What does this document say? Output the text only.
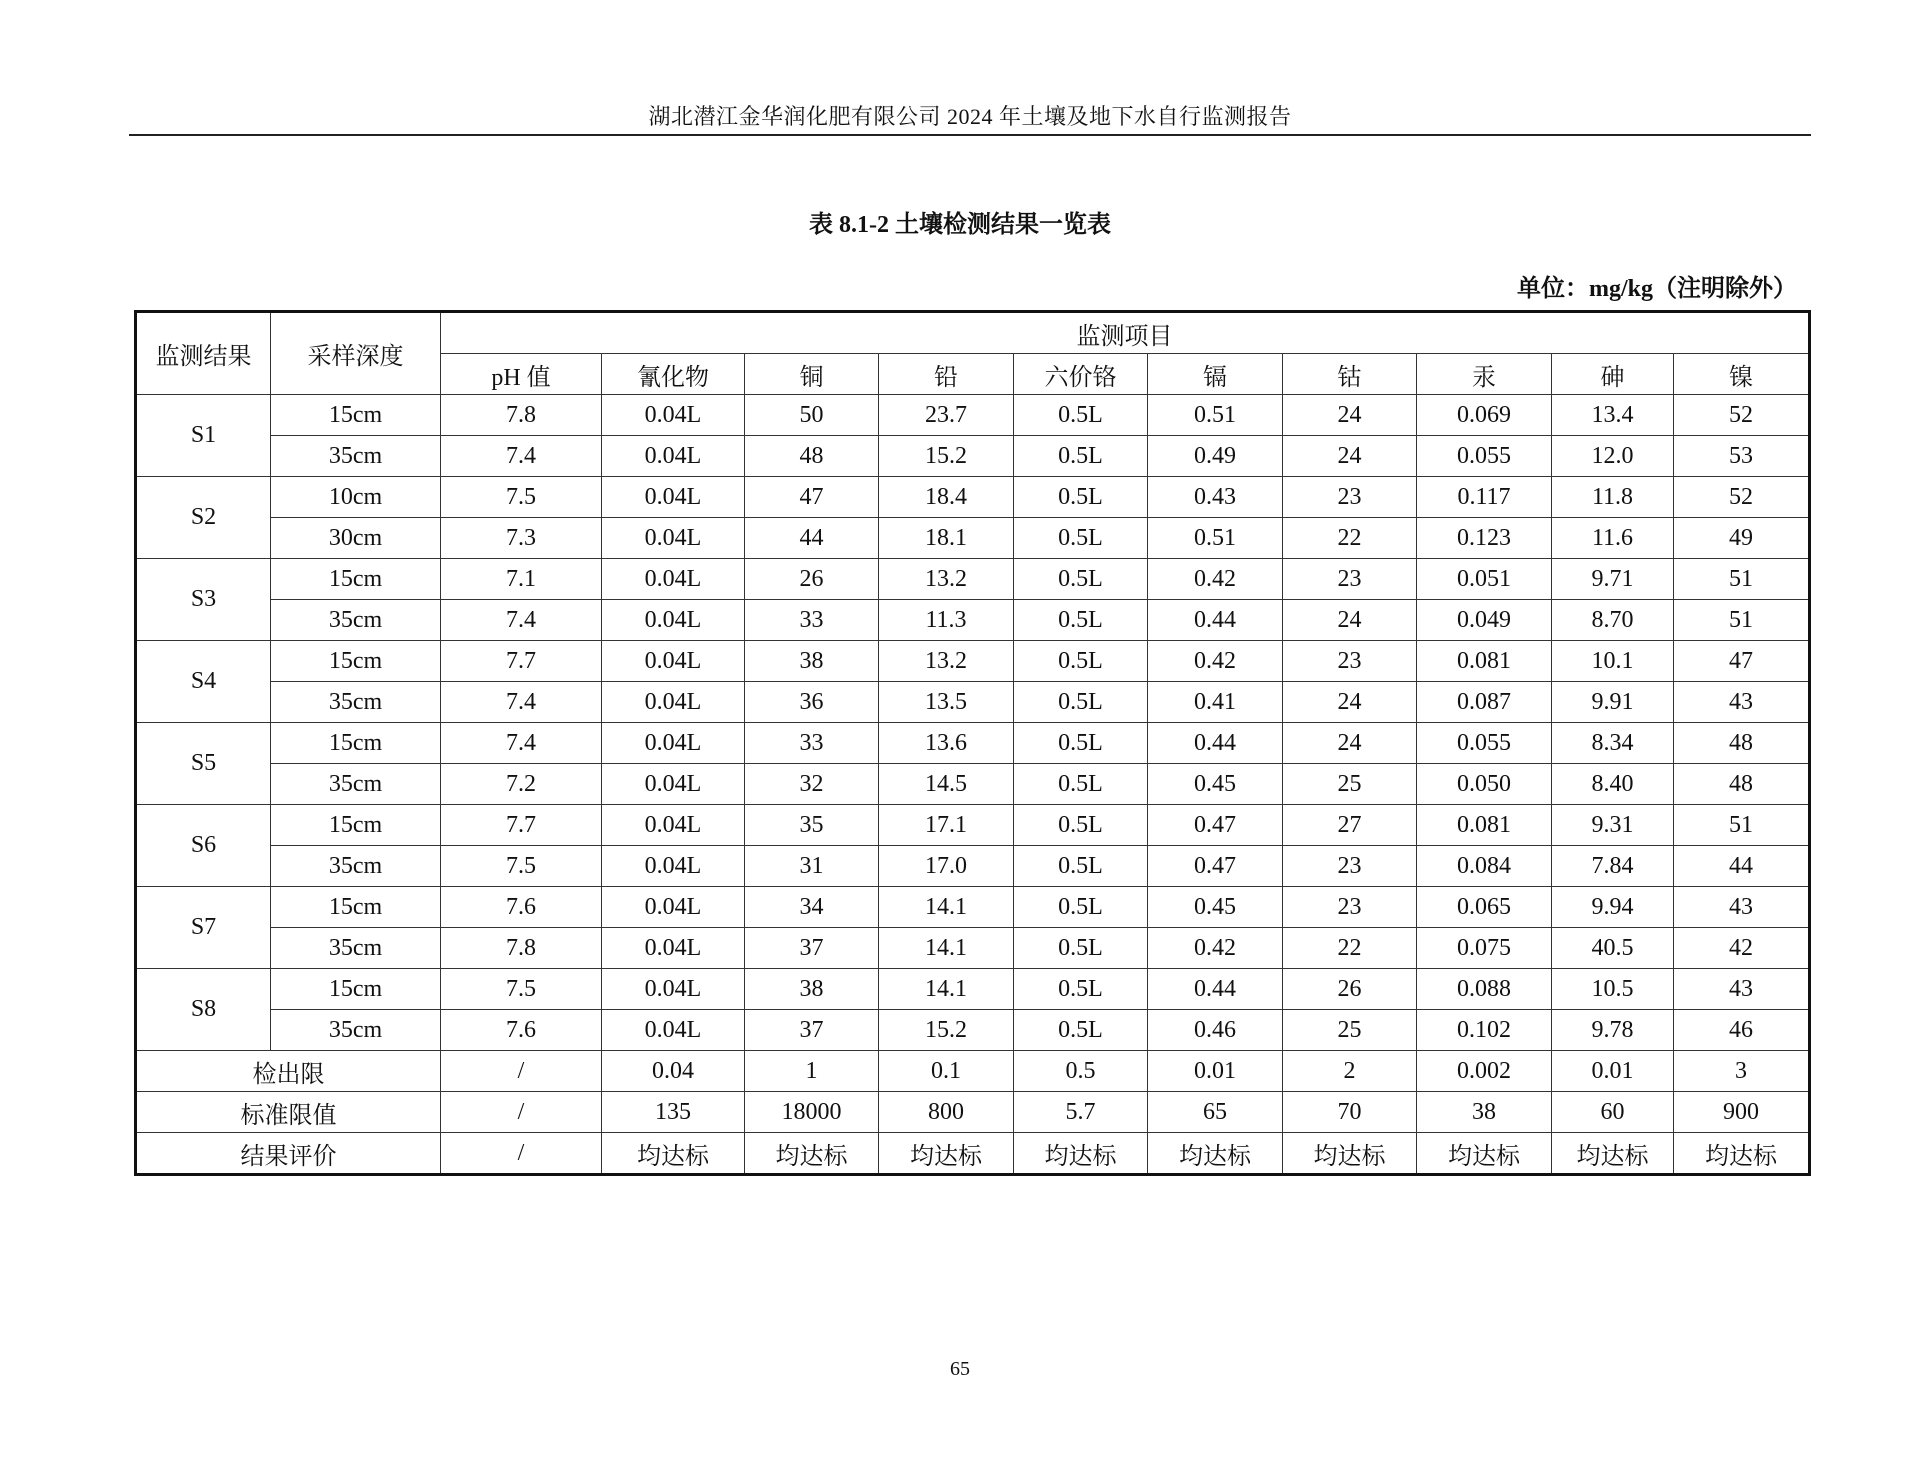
湖北潜江金华润化肥有限公司 2024 年土壤及地下水自行监测报告
表 8.1-2 土壤检测结果一览表
单位：mg/kg（注明除外）
监测结果	采样深度	监测项目									
		pH 值	氰化物	铜	铅	六价铬	镉	钴	汞	砷	镍
S1	15cm	7.8	0.04L	50	23.7	0.5L	0.51	24	0.069	13.4	52
	35cm	7.4	0.04L	48	15.2	0.5L	0.49	24	0.055	12.0	53
S2	10cm	7.5	0.04L	47	18.4	0.5L	0.43	23	0.117	11.8	52
	30cm	7.3	0.04L	44	18.1	0.5L	0.51	22	0.123	11.6	49
S3	15cm	7.1	0.04L	26	13.2	0.5L	0.42	23	0.051	9.71	51
	35cm	7.4	0.04L	33	11.3	0.5L	0.44	24	0.049	8.70	51
S4	15cm	7.7	0.04L	38	13.2	0.5L	0.42	23	0.081	10.1	47
	35cm	7.4	0.04L	36	13.5	0.5L	0.41	24	0.087	9.91	43
S5	15cm	7.4	0.04L	33	13.6	0.5L	0.44	24	0.055	8.34	48
	35cm	7.2	0.04L	32	14.5	0.5L	0.45	25	0.050	8.40	48
S6	15cm	7.7	0.04L	35	17.1	0.5L	0.47	27	0.081	9.31	51
	35cm	7.5	0.04L	31	17.0	0.5L	0.47	23	0.084	7.84	44
S7	15cm	7.6	0.04L	34	14.1	0.5L	0.45	23	0.065	9.94	43
	35cm	7.8	0.04L	37	14.1	0.5L	0.42	22	0.075	40.5	42
S8	15cm	7.5	0.04L	38	14.1	0.5L	0.44	26	0.088	10.5	43
	35cm	7.6	0.04L	37	15.2	0.5L	0.46	25	0.102	9.78	46
检出限		/	0.04	1	0.1	0.5	0.01	2	0.002	0.01	3
标准限值		/	135	18000	800	5.7	65	70	38	60	900
结果评价		/	均达标	均达标	均达标	均达标	均达标	均达标	均达标	均达标	均达标
65
